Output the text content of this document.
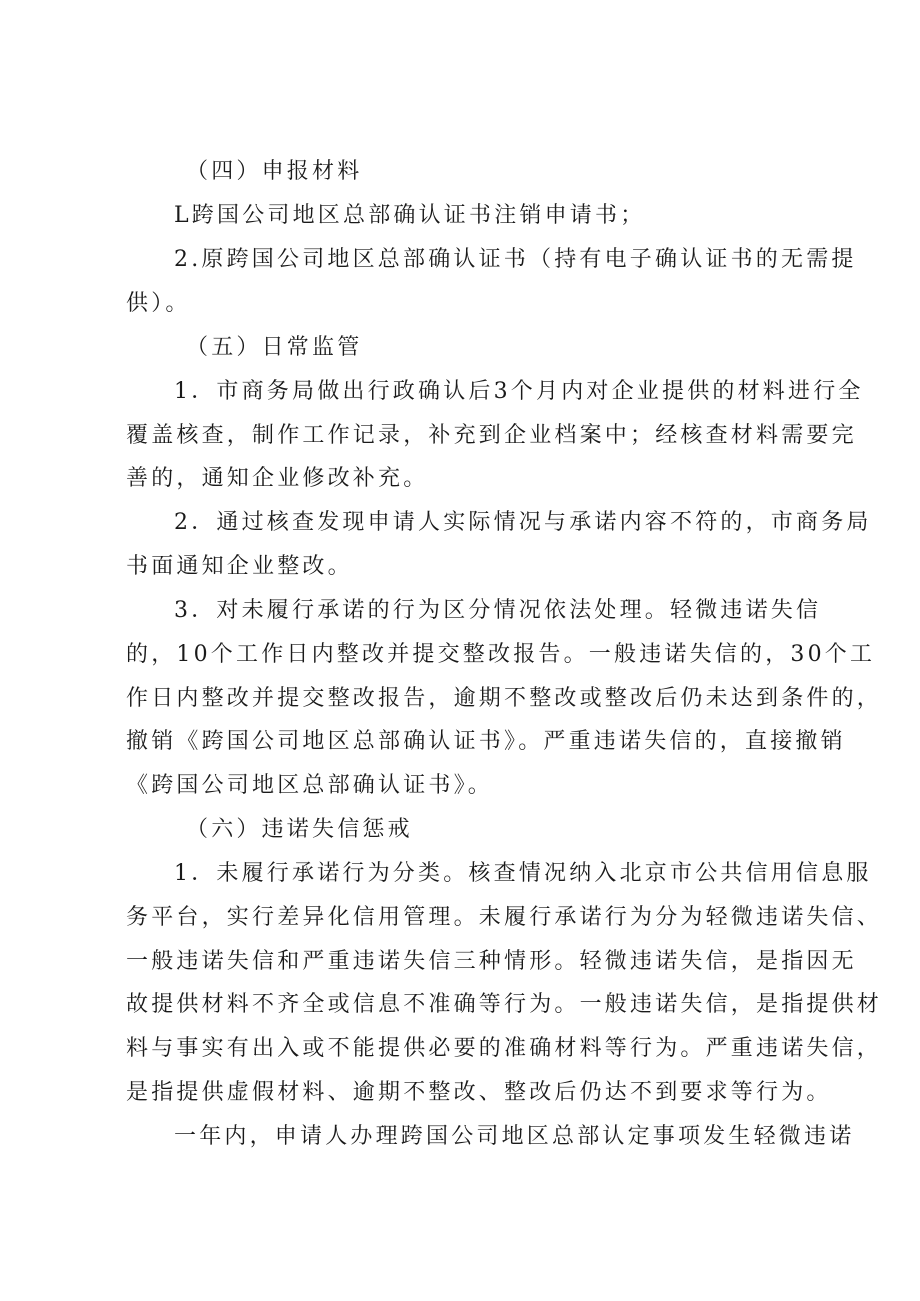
（四）申报材料
L跨国公司地区总部确认证书注销申请书；
2.原跨国公司地区总部确认证书（持有电子确认证书的无需提
供）。
（五）日常监管
1．市商务局做出行政确认后3个月内对企业提供的材料进行全
覆盖核查，制作工作记录，补充到企业档案中；经核查材料需要完
善的，通知企业修改补充。
2．通过核查发现申请人实际情况与承诺内容不符的，市商务局
书面通知企业整改。
3．对未履行承诺的行为区分情况依法处理。轻微违诺失信
的，10个工作日内整改并提交整改报告。一般违诺失信的，30个工
作日内整改并提交整改报告，逾期不整改或整改后仍未达到条件的，
撤销《跨国公司地区总部确认证书》。严重违诺失信的，直接撤销
《跨国公司地区总部确认证书》。
（六）违诺失信惩戒
1．未履行承诺行为分类。核查情况纳入北京市公共信用信息服
务平台，实行差异化信用管理。未履行承诺行为分为轻微违诺失信、
一般违诺失信和严重违诺失信三种情形。轻微违诺失信，是指因无
故提供材料不齐全或信息不准确等行为。一般违诺失信，是指提供材
料与事实有出入或不能提供必要的准确材料等行为。严重违诺失信，
是指提供虚假材料、逾期不整改、整改后仍达不到要求等行为。
一年内，申请人办理跨国公司地区总部认定事项发生轻微违诺
